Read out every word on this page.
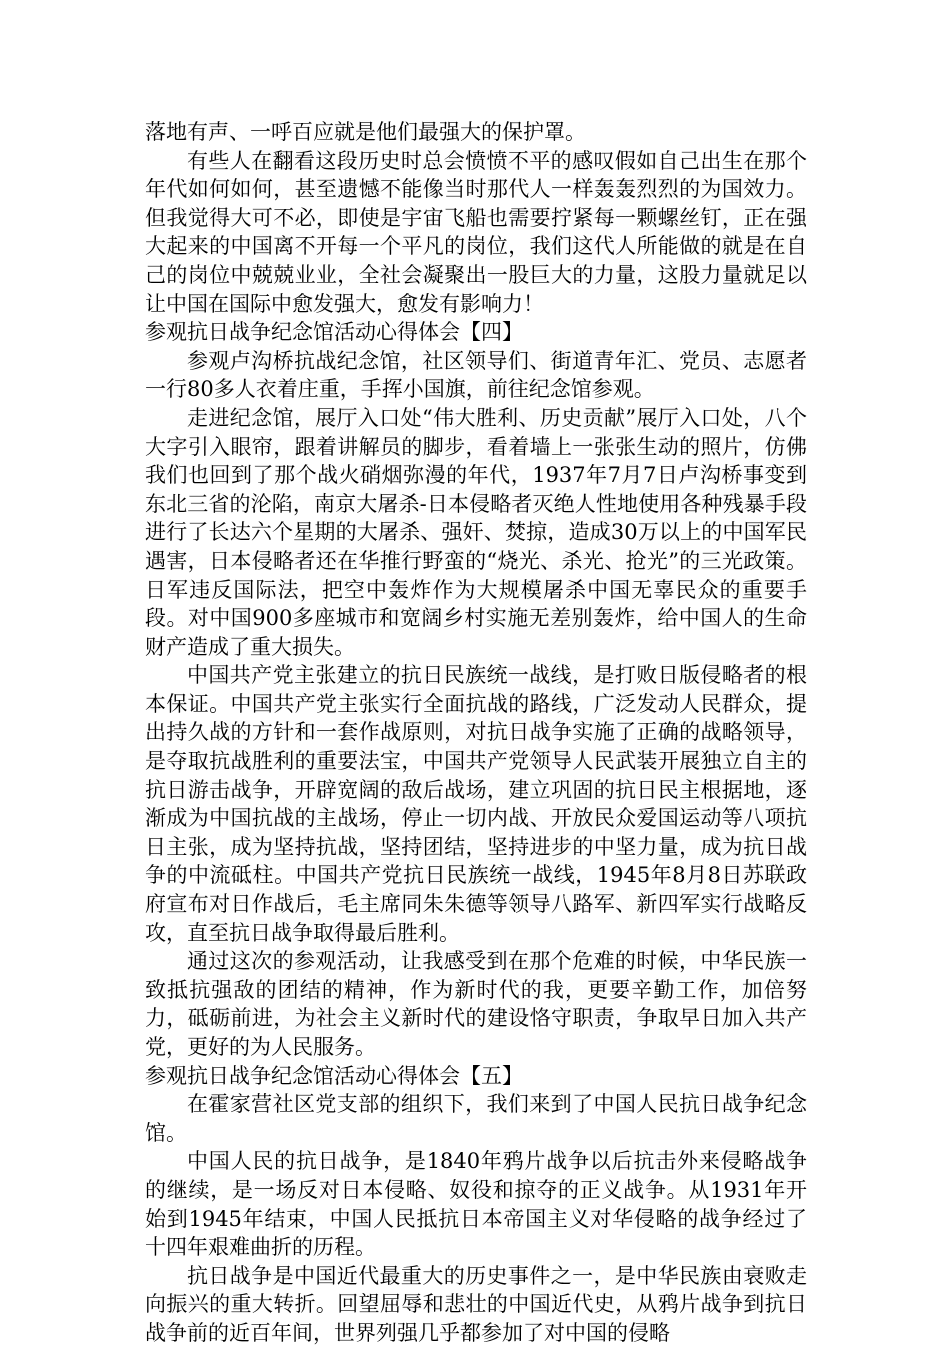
落地有声、一呼百应就是他们最强大的保护罩。

有些人在翻看这段历史时总会愤愤不平的感叹假如自己出生在那个年代如何如何，甚至遗憾不能像当时那代人一样轰轰烈烈的为国效力。但我觉得大可不必，即使是宇宙飞船也需要拧紧每一颗螺丝钉，正在强大起来的中国离不开每一个平凡的岗位，我们这代人所能做的就是在自己的岗位中兢兢业业，全社会凝聚出一股巨大的力量，这股力量就足以让中国在国际中愈发强大，愈发有影响力！

参观抗日战争纪念馆活动心得体会【四】

参观卢沟桥抗战纪念馆，社区领导们、街道青年汇、党员、志愿者一行80多人衣着庄重，手挥小国旗，前往纪念馆参观。

走进纪念馆，展厅入口处“伟大胜利、历史贡献”展厅入口处，八个大字引入眼帘，跟着讲解员的脚步，看着墙上一张张生动的照片，仿佛我们也回到了那个战火硝烟弥漫的年代，1937年7月7日卢沟桥事变到东北三省的沦陷，南京大屠杀-日本侵略者灭绝人性地使用各种残暴手段进行了长达六个星期的大屠杀、强奸、焚掠，造成30万以上的中国军民遇害，日本侵略者还在华推行野蛮的“烧光、杀光、抢光”的三光政策。日军违反国际法，把空中轰炸作为大规模屠杀中国无辜民众的重要手段。对中国900多座城市和宽阔乡村实施无差别轰炸，给中国人的生命财产造成了重大损失。

中国共产党主张建立的抗日民族统一战线，是打败日版侵略者的根本保证。中国共产党主张实行全面抗战的路线，广泛发动人民群众，提出持久战的方针和一套作战原则，对抗日战争实施了正确的战略领导，是夺取抗战胜利的重要法宝，中国共产党领导人民武装开展独立自主的抗日游击战争，开辟宽阔的敌后战场，建立巩固的抗日民主根据地，逐渐成为中国抗战的主战场，停止一切内战、开放民众爱国运动等八项抗日主张，成为坚持抗战，坚持团结，坚持进步的中坚力量，成为抗日战争的中流砥柱。中国共产党抗日民族统一战线，1945年8月8日苏联政府宣布对日作战后，毛主席同朱朱德等领导八路军、新四军实行战略反攻，直至抗日战争取得最后胜利。

通过这次的参观活动，让我感受到在那个危难的时候，中华民族一致抵抗强敌的团结的精神，作为新时代的我，更要辛勤工作，加倍努力，砥砺前进，为社会主义新时代的建设恪守职责，争取早日加入共产党，更好的为人民服务。

参观抗日战争纪念馆活动心得体会【五】

在霍家营社区党支部的组织下，我们来到了中国人民抗日战争纪念馆。

中国人民的抗日战争，是1840年鸦片战争以后抗击外来侵略战争的继续，是一场反对日本侵略、奴役和掠夺的正义战争。从1931年开始到1945年结束，中国人民抵抗日本帝国主义对华侵略的战争经过了十四年艰难曲折的历程。

抗日战争是中国近代最重大的历史事件之一，是中华民族由衰败走向振兴的重大转折。回望屈辱和悲壮的中国近代史，从鸦片战争到抗日战争前的近百年间，世界列强几乎都参加了对中国的侵略
